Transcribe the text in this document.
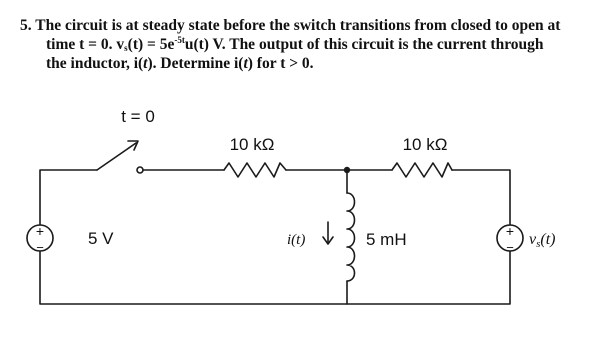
5. The circuit is at steady state before the switch transitions from closed to open at
time t = 0. $v_s(t) = 5e^{-5t}u(t)$ V. The output of this circuit is the current through
the inductor, i(t). Determine i(t) for t > 0.
+
−
+
−
t = 0
10 kΩ	10 kΩ
5 V	i(t)	5 mH	vs(t)
